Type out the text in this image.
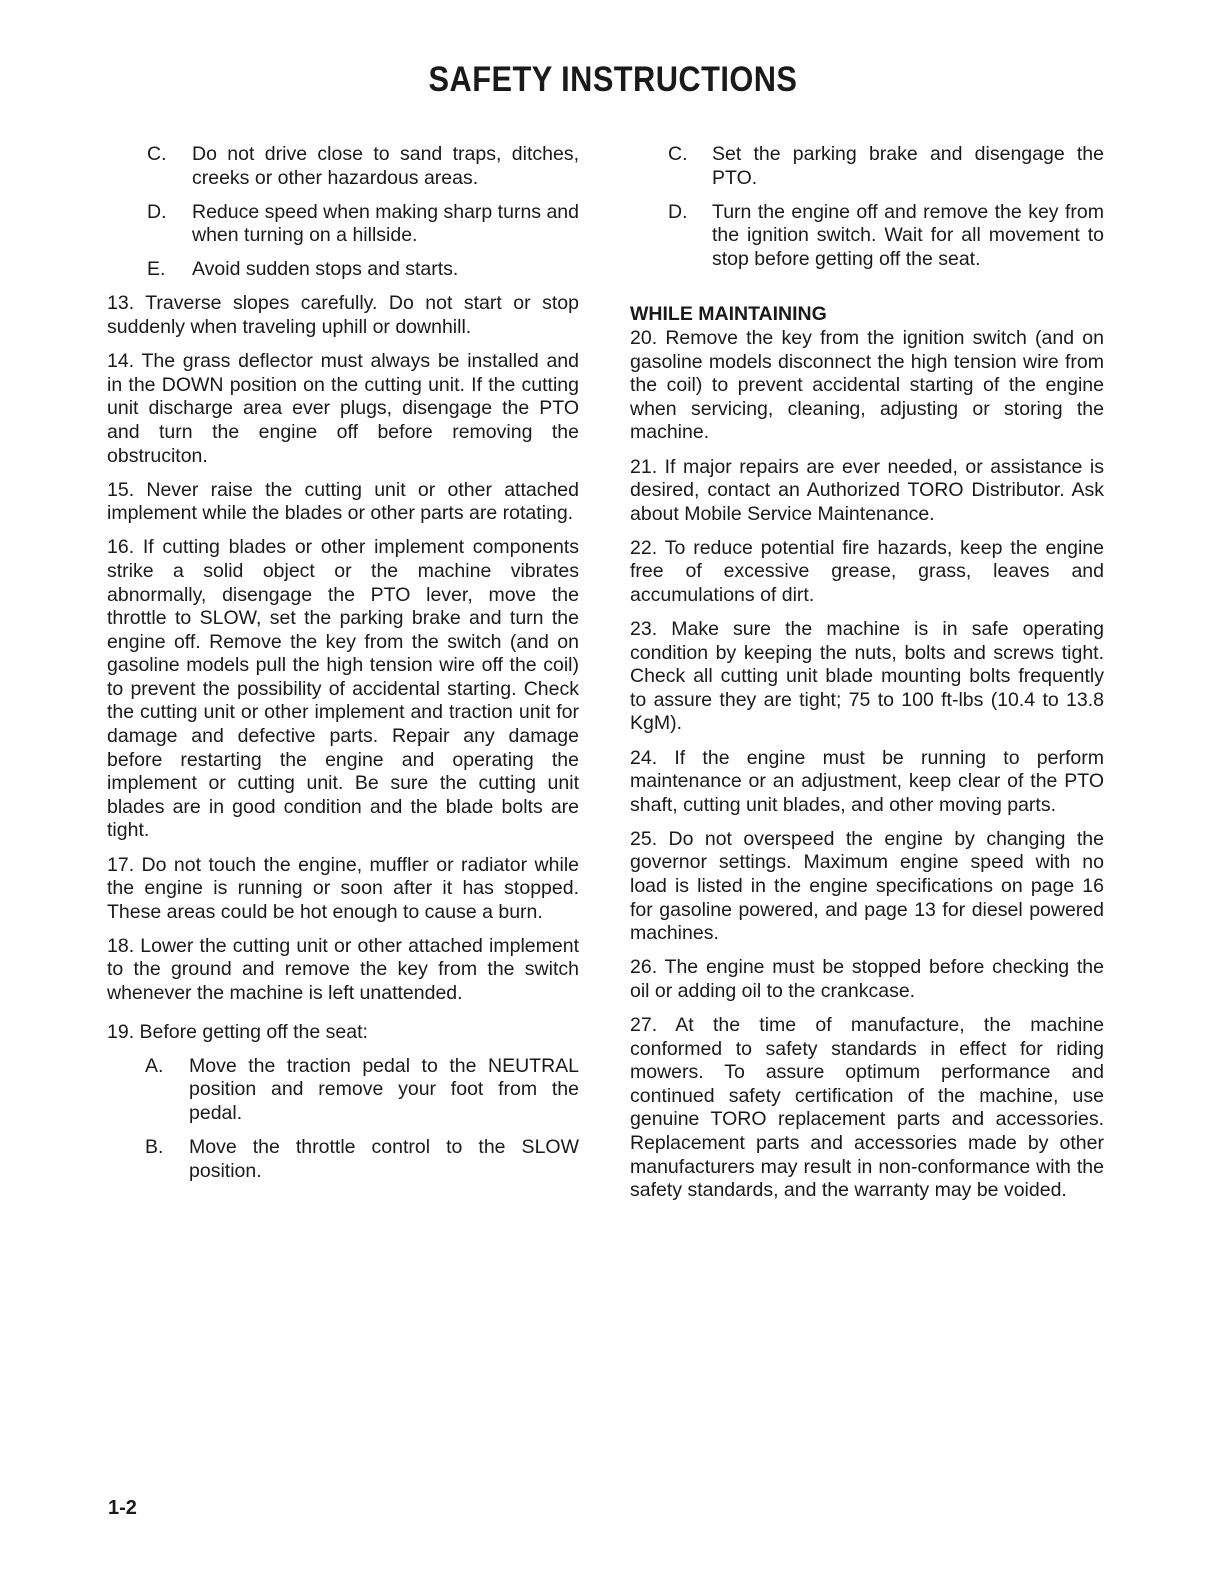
SAFETY INSTRUCTIONS
C.	Do not drive close to sand traps, ditches, creeks or other hazardous areas.
D.	Reduce speed when making sharp turns and when turning on a hillside.
E.	Avoid sudden stops and starts.

13. Traverse slopes carefully. Do not start or stop suddenly when traveling uphill or downhill.

14. The grass deflector must always be installed and in the DOWN position on the cutting unit. If the cutting unit discharge area ever plugs, disengage the PTO and turn the engine off before removing the obstruciton.

15. Never raise the cutting unit or other attached implement while the blades or other parts are rotating.

16. If cutting blades or other implement components strike a solid object or the machine vibrates abnormally, disengage the PTO lever, move the throttle to SLOW, set the parking brake and turn the engine off. Remove the key from the switch (and on gasoline models pull the high tension wire off the coil) to prevent the possibility of accidental starting. Check the cutting unit or other implement and traction unit for damage and defective parts. Repair any damage before restarting the engine and operating the implement or cutting unit. Be sure the cutting unit blades are in good condition and the blade bolts are tight.

17. Do not touch the engine, muffler or radiator while the engine is running or soon after it has stopped. These areas could be hot enough to cause a burn.

18. Lower the cutting unit or other attached implement to the ground and remove the key from the switch whenever the machine is left unattended.

19. Before getting off the seat:

A.	Move the traction pedal to the NEUTRAL position and remove your foot from the pedal.
B.	Move the throttle control to the SLOW position.
C.	Set the parking brake and disengage the PTO.
D.	Turn the engine off and remove the key from the ignition switch. Wait for all movement to stop before getting off the seat.
WHILE MAINTAINING

20. Remove the key from the ignition switch (and on gasoline models disconnect the high tension wire from the coil) to prevent accidental starting of the engine when servicing, cleaning, adjusting or storing the machine.

21. If major repairs are ever needed, or assistance is desired, contact an Authorized TORO Distributor. Ask about Mobile Service Maintenance.

22. To reduce potential fire hazards, keep the engine free of excessive grease, grass, leaves and accumulations of dirt.

23. Make sure the machine is in safe operating condition by keeping the nuts, bolts and screws tight. Check all cutting unit blade mounting bolts frequently to assure they are tight; 75 to 100 ft-lbs (10.4 to 13.8 KgM).

24. If the engine must be running to perform maintenance or an adjustment, keep clear of the PTO shaft, cutting unit blades, and other moving parts.

25. Do not overspeed the engine by changing the governor settings. Maximum engine speed with no load is listed in the engine specifications on page 16 for gasoline powered, and page 13 for diesel powered machines.

26. The engine must be stopped before checking the oil or adding oil to the crankcase.

27. At the time of manufacture, the machine conformed to safety standards in effect for riding mowers. To assure optimum performance and continued safety certification of the machine, use genuine TORO replacement parts and accessories. Replacement parts and accessories made by other manufacturers may result in non-conformance with the safety standards, and the warranty may be voided.

1-2
